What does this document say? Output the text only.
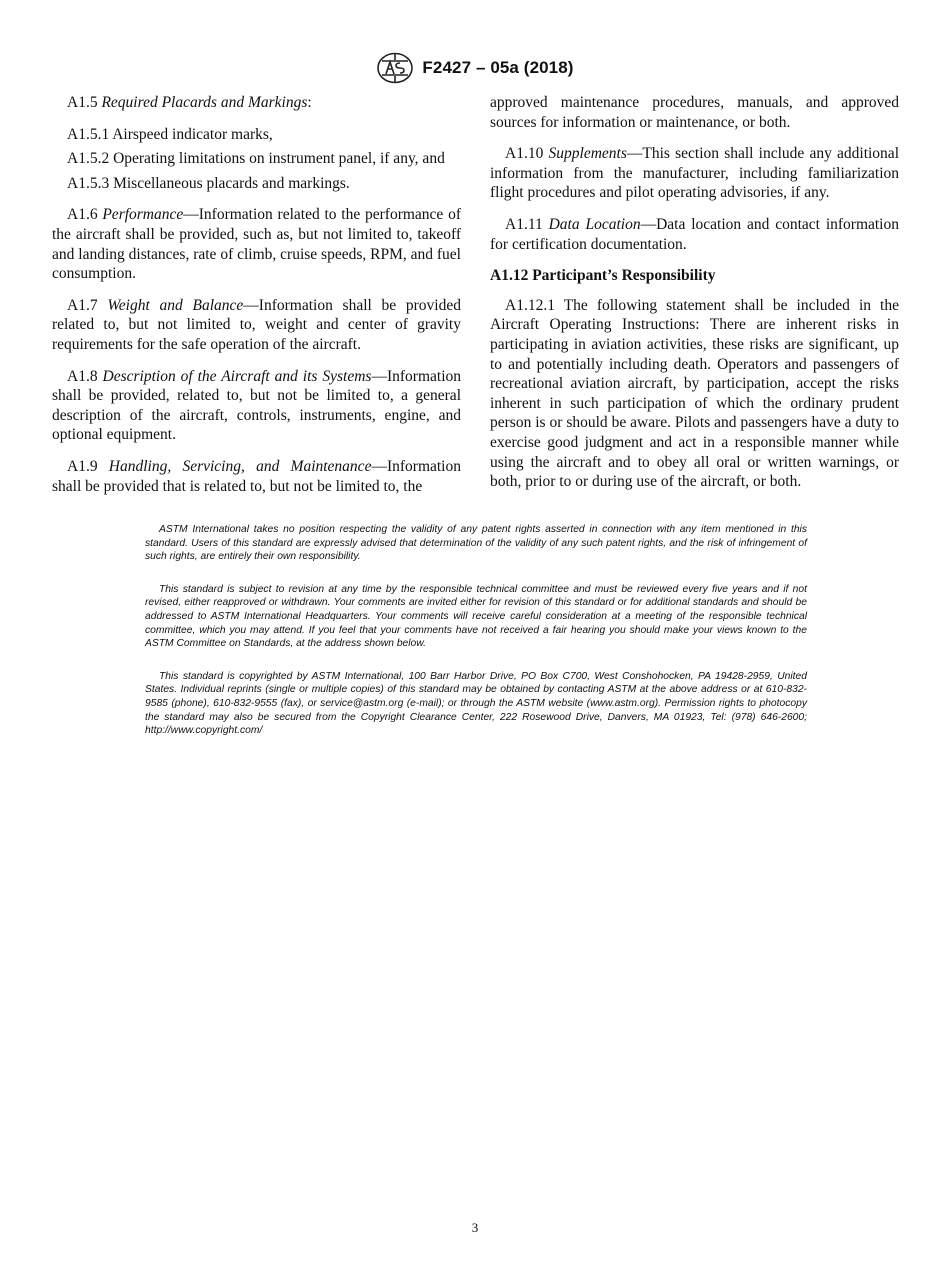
F2427 – 05a (2018)

A1.5 Required Placards and Markings:

A1.5.1 Airspeed indicator marks,

A1.5.2 Operating limitations on instrument panel, if any, and

A1.5.3 Miscellaneous placards and markings.

A1.6 Performance—Information related to the performance of the aircraft shall be provided, such as, but not limited to, takeoff and landing distances, rate of climb, cruise speeds, RPM, and fuel consumption.

A1.7 Weight and Balance—Information shall be provided related to, but not limited to, weight and center of gravity requirements for the safe operation of the aircraft.

A1.8 Description of the Aircraft and its Systems—Information shall be provided, related to, but not be limited to, a general description of the aircraft, controls, instruments, engine, and optional equipment.

A1.9 Handling, Servicing, and Maintenance—Information shall be provided that is related to, but not be limited to, the

approved maintenance procedures, manuals, and approved sources for information or maintenance, or both.

A1.10 Supplements—This section shall include any additional information from the manufacturer, including familiarization flight procedures and pilot operating advisories, if any.

A1.11 Data Location—Data location and contact information for certification documentation.

A1.12 Participant’s Responsibility

A1.12.1 The following statement shall be included in the Aircraft Operating Instructions: There are inherent risks in participating in aviation activities, these risks are significant, up to and potentially including death. Operators and passengers of recreational aviation aircraft, by participation, accept the risks inherent in such participation of which the ordinary prudent person is or should be aware. Pilots and passengers have a duty to exercise good judgment and act in a responsible manner while using the aircraft and to obey all oral or written warnings, or both, prior to or during use of the aircraft, or both.

ASTM International takes no position respecting the validity of any patent rights asserted in connection with any item mentioned in this standard. Users of this standard are expressly advised that determination of the validity of any such patent rights, and the risk of infringement of such rights, are entirely their own responsibility.

This standard is subject to revision at any time by the responsible technical committee and must be reviewed every five years and if not revised, either reapproved or withdrawn. Your comments are invited either for revision of this standard or for additional standards and should be addressed to ASTM International Headquarters. Your comments will receive careful consideration at a meeting of the responsible technical committee, which you may attend. If you feel that your comments have not received a fair hearing you should make your views known to the ASTM Committee on Standards, at the address shown below.

This standard is copyrighted by ASTM International, 100 Barr Harbor Drive, PO Box C700, West Conshohocken, PA 19428-2959, United States. Individual reprints (single or multiple copies) of this standard may be obtained by contacting ASTM at the above address or at 610-832-9585 (phone), 610-832-9555 (fax), or service@astm.org (e-mail); or through the ASTM website (www.astm.org). Permission rights to photocopy the standard may also be secured from the Copyright Clearance Center, 222 Rosewood Drive, Danvers, MA 01923, Tel: (978) 646-2600; http://www.copyright.com/

3
